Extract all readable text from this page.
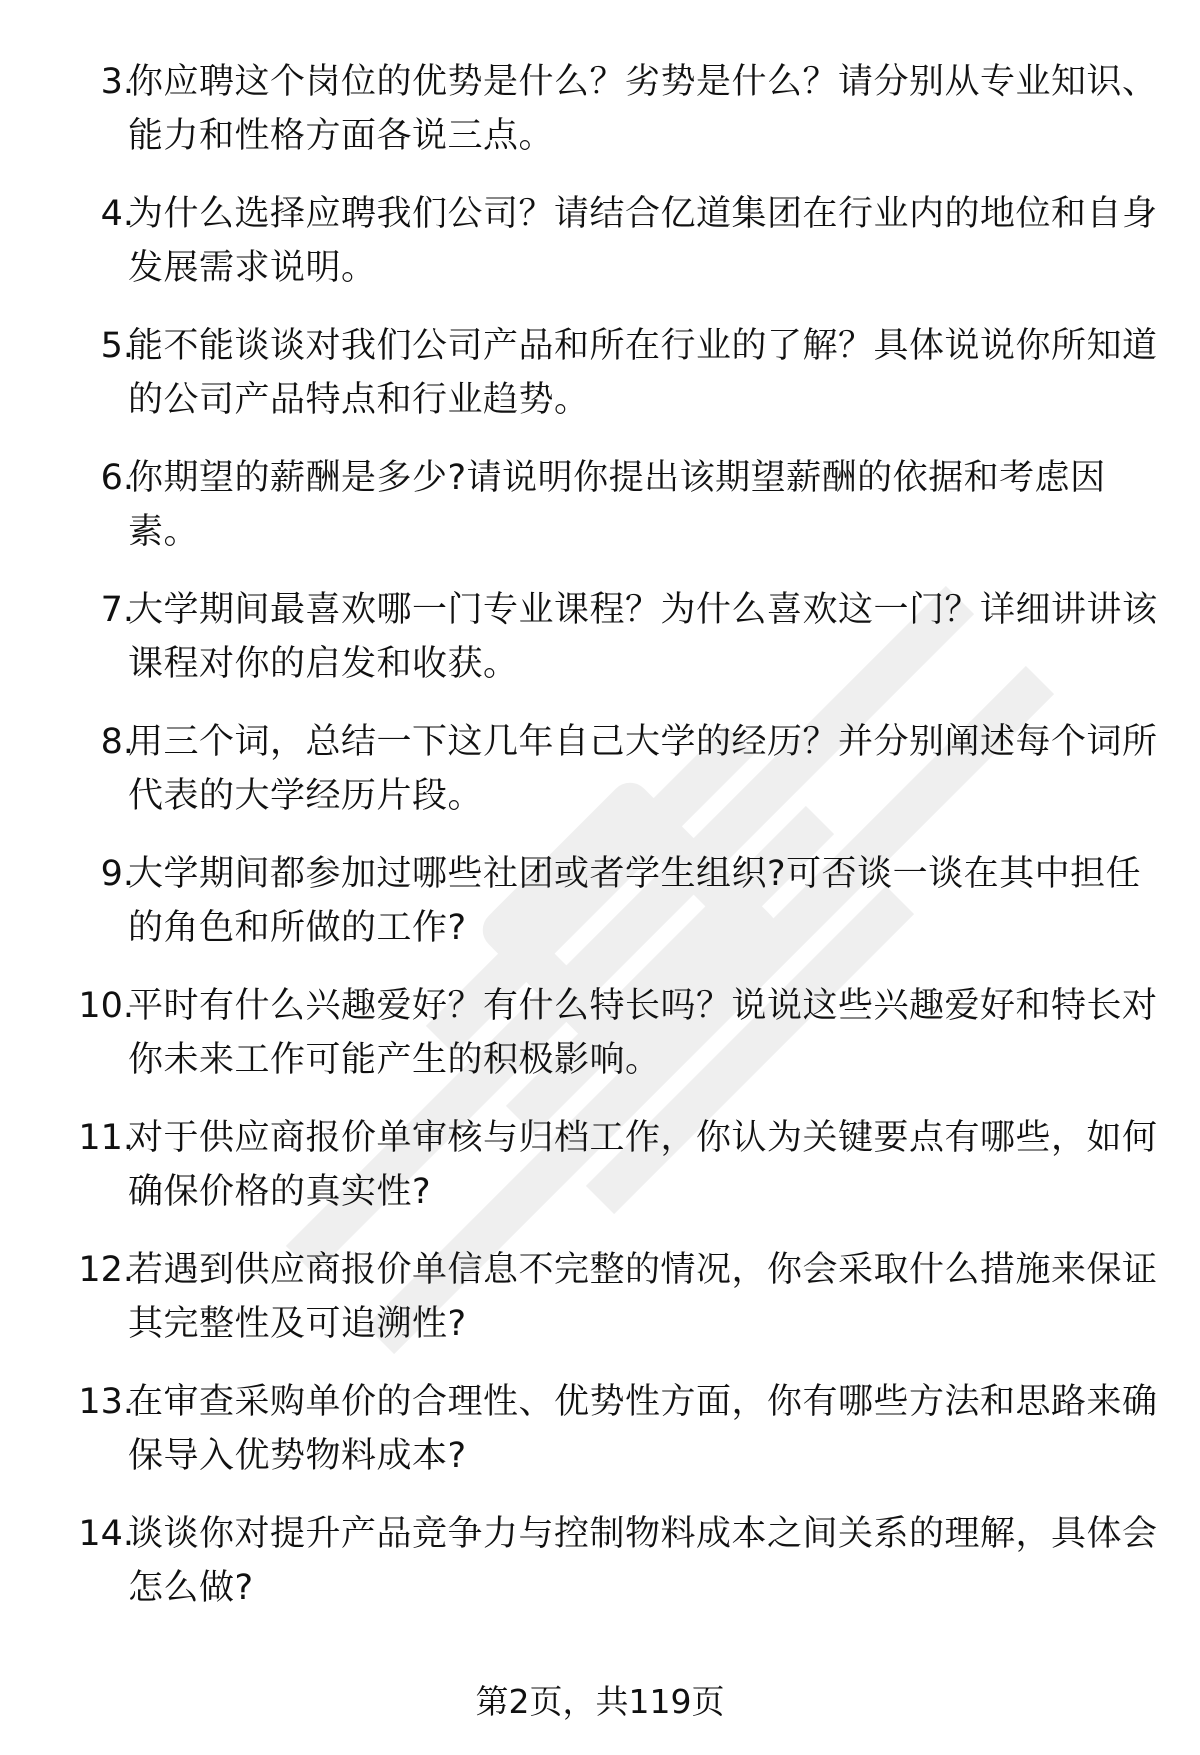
3.
你应聘这个岗位的优势是什么？劣势是什么？请分别从专业知识、能力和性格方面各说三点。
4.
为什么选择应聘我们公司？请结合亿道集团在行业内的地位和自身发展需求说明。
5.
能不能谈谈对我们公司产品和所在行业的了解？具体说说你所知道的公司产品特点和行业趋势。
6.
你期望的薪酬是多少?请说明你提出该期望薪酬的依据和考虑因素。
7.
大学期间最喜欢哪一门专业课程？为什么喜欢这一门？详细讲讲该课程对你的启发和收获。
8.
用三个词，总结一下这几年自己大学的经历？并分别阐述每个词所代表的大学经历片段。
9.
大学期间都参加过哪些社团或者学生组织?可否谈一谈在其中担任的角色和所做的工作?
10.
平时有什么兴趣爱好？有什么特长吗？说说这些兴趣爱好和特长对你未来工作可能产生的积极影响。
11.
对于供应商报价单审核与归档工作，你认为关键要点有哪些，如何确保价格的真实性?
12.
若遇到供应商报价单信息不完整的情况，你会采取什么措施来保证其完整性及可追溯性?
13.
在审查采购单价的合理性、优势性方面，你有哪些方法和思路来确保导入优势物料成本?
14.
谈谈你对提升产品竞争力与控制物料成本之间关系的理解，具体会怎么做?
第2页，共119页
